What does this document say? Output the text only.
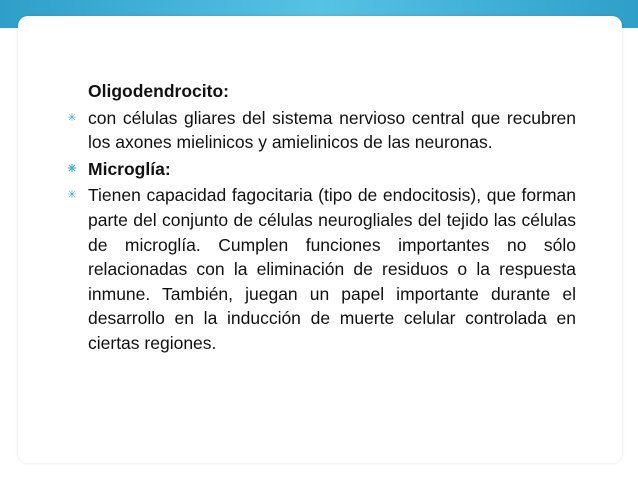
Oligodendrocito:
✳ con células gliares del sistema nervioso central que recubren los axones mielinicos y amielinicos de las neuronas.
✳ Microglía:
✳ Tienen capacidad fagocitaria (tipo de endocitosis), que forman parte del conjunto de células neurogliales del tejido las células de microglía. Cumplen funciones importantes no sólo relacionadas con la eliminación de residuos o la respuesta inmune. También, juegan un papel importante durante el desarrollo en la inducción de muerte celular controlada en ciertas regiones.
